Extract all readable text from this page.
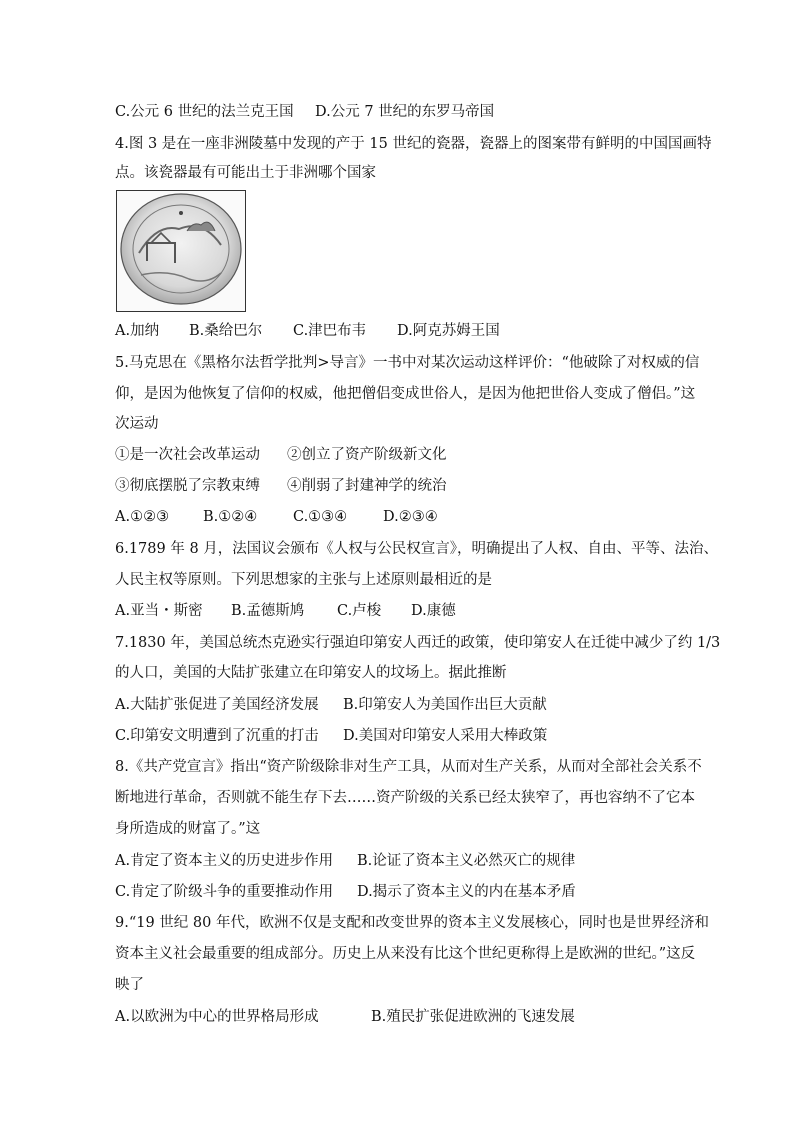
C.公元 6 世纪的法兰克王国 D.公元 7 世纪的东罗马帝国
4.图 3 是在一座非洲陵墓中发现的产于 15 世纪的瓷器，瓷器上的图案带有鲜明的中国国画特
点。该瓷器最有可能出土于非洲哪个国家
A.加纳 B.桑给巴尔 C.津巴布韦 D.阿克苏姆王国
5.马克思在《黑格尔法哲学批判>导言》一书中对某次运动这样评价：“他破除了对权威的信
仰，是因为他恢复了信仰的权威，他把僧侣变成世俗人，是因为他把世俗人变成了僧侣。”这
次运动
①是一次社会改革运动 ②创立了资产阶级新文化
③彻底摆脱了宗教束缚 ④削弱了封建神学的统治
A.①②③ B.①②④ C.①③④ D.②③④
6.1789 年 8 月，法国议会颁布《人权与公民权宣言》，明确提出了人权、自由、平等、法治、
人民主权等原则。下列思想家的主张与上述原则最相近的是
A.亚当・斯密 B.孟德斯鸠 C.卢梭 D.康德
7.1830 年，美国总统杰克逊实行强迫印第安人西迁的政策，使印第安人在迁徙中减少了约 1/3
的人口，美国的大陆扩张建立在印第安人的坟场上。据此推断
A.大陆扩张促进了美国经济发展 B.印第安人为美国作出巨大贡献
C.印第安文明遭到了沉重的打击 D.美国对印第安人采用大棒政策
8.《共产党宣言》指出“资产阶级除非对生产工具，从而对生产关系，从而对全部社会关系不
断地进行革命，否则就不能生存下去……资产阶级的关系已经太狭窄了，再也容纳不了它本
身所造成的财富了。”这
A.肯定了资本主义的历史进步作用 B.论证了资本主义必然灭亡的规律
C.肯定了阶级斗争的重要推动作用 D.揭示了资本主义的内在基本矛盾
9.“19 世纪 80 年代，欧洲不仅是支配和改变世界的资本主义发展核心，同时也是世界经济和
资本主义社会最重要的组成部分。历史上从来没有比这个世纪更称得上是欧洲的世纪。”这反
映了
A.以欧洲为中心的世界格局形成	B.殖民扩张促进欧洲的飞速发展
